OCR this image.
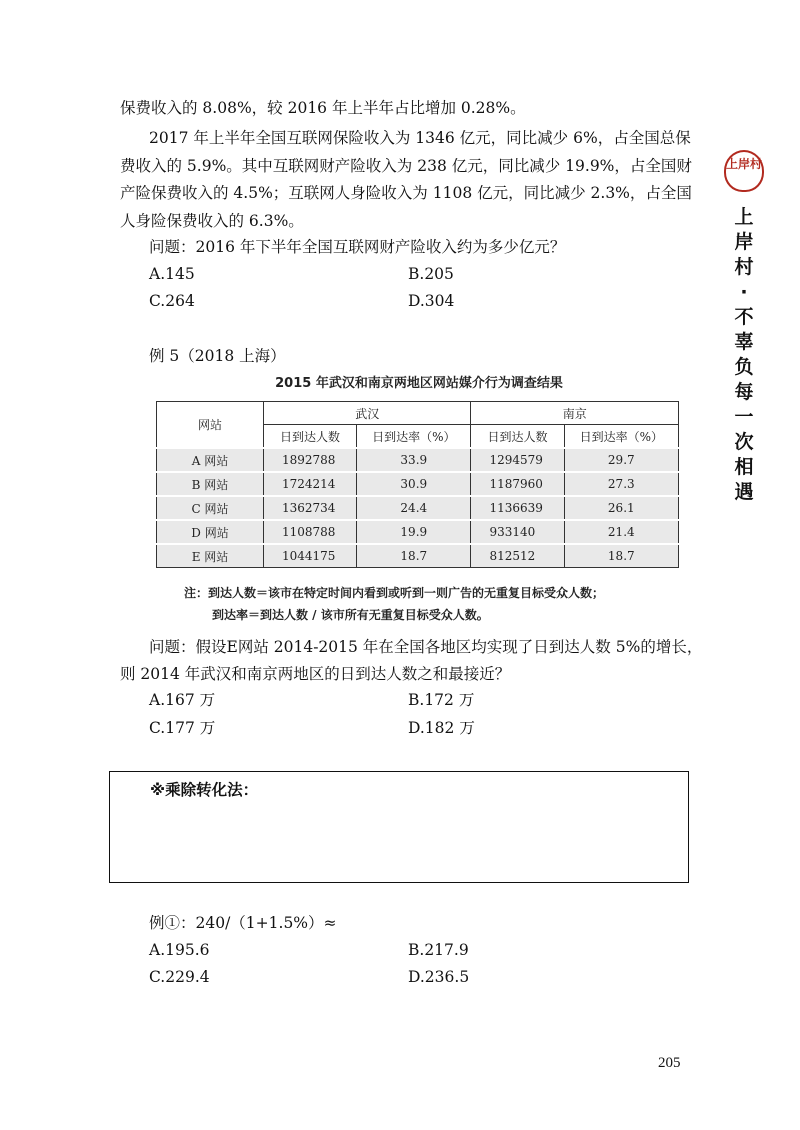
上岸村
上岸村·不辜负每一次相遇
保费收入的 8.08%，较 2016 年上半年占比增加 0.28%。
2017 年上半年全国互联网保险收入为 1346 亿元，同比减少 6%，占全国总保
费收入的 5.9%。其中互联网财产险收入为 238 亿元，同比减少 19.9%，占全国财
产险保费收入的 4.5%；互联网人身险收入为 1108 亿元，同比减少 2.3%，占全国
人身险保费收入的 6.3%。
问题：2016 年下半年全国互联网财产险收入约为多少亿元？
A.145	B.205
C.264	D.304
例 5（2018 上海）
2015 年武汉和南京两地区网站媒介行为调查结果
网站	武汉		南京	
	日到达人数	日到达率（%）	日到达人数	日到达率（%）
A 网站	1892788	33.9	1294579	29.7
B 网站	1724214	30.9	1187960	27.3
C 网站	1362734	24.4	1136639	26.1
D 网站	1108788	19.9	933140	21.4
E 网站	1044175	18.7	812512	18.7
注：到达人数＝该市在特定时间内看到或听到一则广告的无重复目标受众人数；
到达率＝到达人数 / 该市所有无重复目标受众人数。
问题：假设E网站 2014-2015 年在全国各地区均实现了日到达人数 5%的增长，
则 2014 年武汉和南京两地区的日到达人数之和最接近？
A.167 万	B.172 万
C.177 万	D.182 万
※乘除转化法：
例①：240/（1+1.5%）≈
A.195.6	B.217.9
C.229.4	D.236.5
205
